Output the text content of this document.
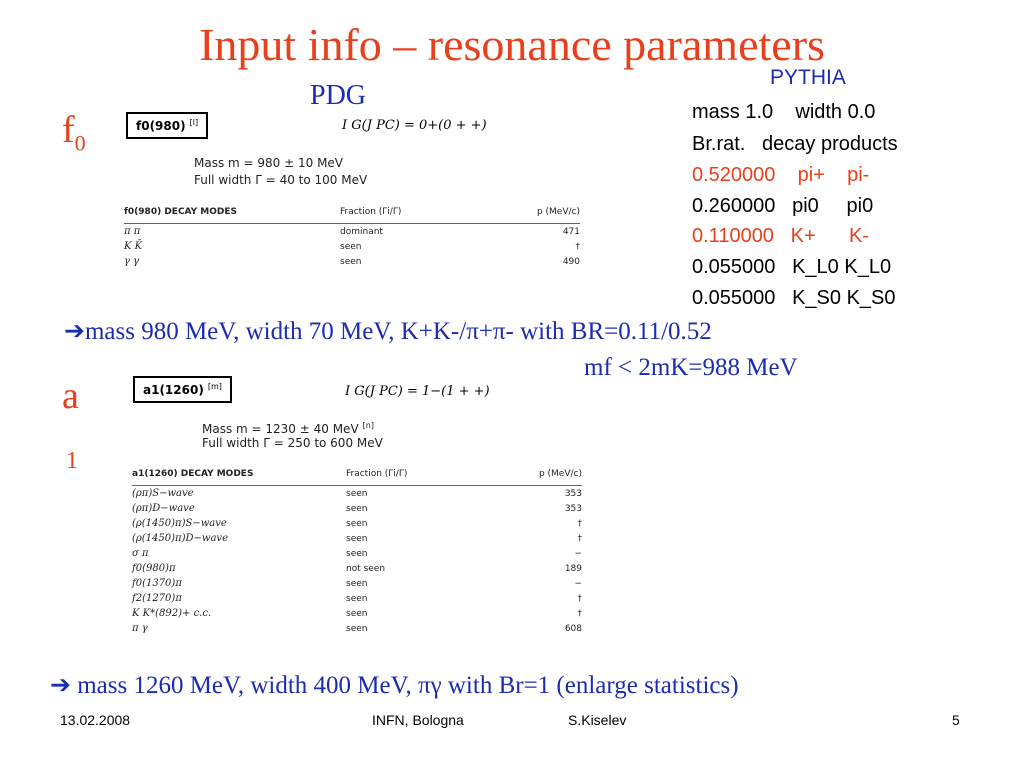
Input info – resonance parameters
PDG
PYTHIA
mass 1.0    width 0.0
Br.rat.   decay products
0.520000    pi+    pi-
0.260000   pi0     pi0
0.110000   K+      K-
0.055000   K_L0 K_L0
0.055000   K_S0 K_S0
$f_0$
f0(980) [l]	I G(J PC) = 0+(0 + +)
Mass m = 980 ± 10 MeV
Full width Γ = 40 to 100 MeV
f0(980) DECAY MODES	Fraction (Γi/Γ)	p (MeV/c)
π π	dominant	471
K K̄	seen	†
γ γ	seen	490
➔mass 980 MeV, width 70 MeV, K+K-/π+π- with BR=0.11/0.52
mf < 2mK=988 MeV
a
1
a1(1260) [m]	I G(J PC) = 1−(1 + +)
Mass m = 1230 ± 40 MeV [n]
Full width Γ = 250 to 600 MeV
a1(1260) DECAY MODES	Fraction (Γi/Γ)	p (MeV/c)
(ρπ)S−wave	seen	353
(ρπ)D−wave	seen	353
(ρ(1450)π)S−wave	seen	†
(ρ(1450)π)D−wave	seen	†
σ π	seen	−
f0(980)π	not seen	189
f0(1370)π	seen	−
f2(1270)π	seen	†
K K*(892)+ c.c.	seen	†
π γ	seen	608
➔ mass 1260 MeV, width 400 MeV, πγ with Br=1 (enlarge statistics)
13.02.2008	INFN, Bologna	S.Kiselev	5
